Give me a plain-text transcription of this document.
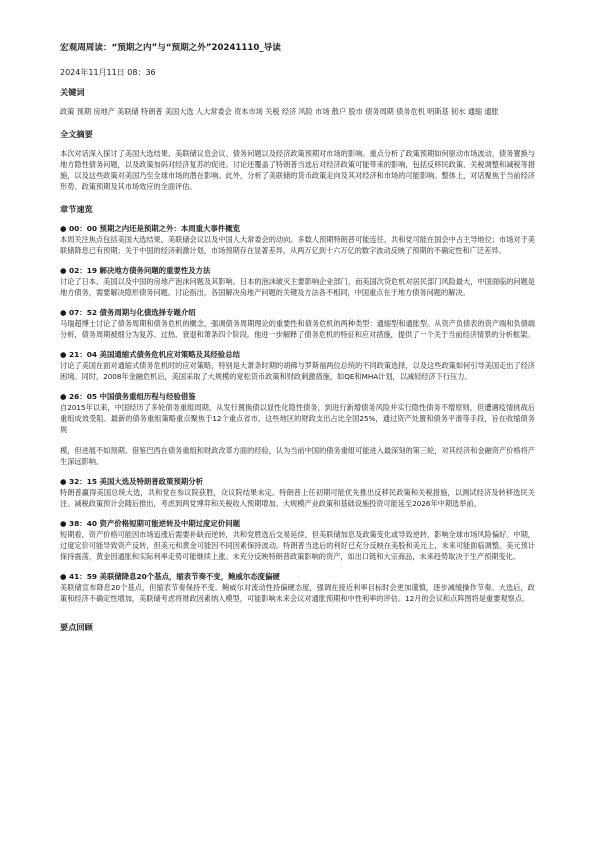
宏观周周读：“预期之内”与“预期之外”20241110_导读
2024年11月11日 08：36
关键词
政策 预期 房地产 美联储 特朗普 美国大选 人大常委会 资本市场 关税 经济 风险 市场 散户 股市 债务周期 债务危机 明斯基 韧水 通缩 通胀
全文摘要
本次对话深入探讨了美国大选结果、美联储议息会议、债务问题以及经济政策预期对市场的影响。重点分析了政策预期如何驱动市场波动，债务置换与地方隐性债务问题，以及政策加码对经济复苏的促进。讨论还覆盖了特朗普当选后对经济政策可能带来的影响，包括反移民政策、关税调整和减税等措施，以及这些政策对美国乃至全球市场的潜在影响。此外，分析了美联储的货币政策走向及其对经济和市场的可能影响。整体上，对话聚焦于当前经济形势、政策预期及其市场效应的全面评估。
章节速览
● 00：00 预期之内还是预期之外：本周重大事件概览
本周关注焦点包括美国大选结果、美联储会议以及中国人大常委会的动向。多数人预期特朗普可能连任，共和党可能在国会中占主导地位；市场对于美联储降息已有预期；关于中国的经济刺激计划，市场预期存在显著差异，从两万亿到十六万亿的数字波动反映了预期的不确定性和广泛差异。
● 02：19 解决地方债务问题的重要性及方法
讨论了日本、美国以及中国的房地产泡沫问题及其影响。日本的泡沫破灭主要影响企业部门，而美国次贷危机对居民部门风险最大，中国面临的问题是地方债务，需要解决隐形债务问题。讨论指出，各国解决房地产问题的关键及方法各不相同，中国重点在于地方债务问题的解决。
● 07：52 债务周期与化债选择专题介绍
马瑞超博士讨论了债务周期和债务危机的概念，强调债务周期理论的重要性和债务危机的两种类型：通缩型和通胀型。从资产负债表的资产端和负债端分析，债务周期被细分为复苏、过热、衰退和萧条四个阶段。他进一步解释了债务危机的特征和应对措施，提供了一个关于当前经济情景的分析框架。
● 21：04 美国通缩式债务危机应对策略及其经验总结
讨论了美国在面对通缩式债务危机时的应对策略，特别是大萧条时期的胡佛与罗斯福两位总统的不同政策选择，以及这些政策如何引导美国走出了经济困境。同时，2008年金融危机后，美国采取了大规模的宽松货币政策和财政刺激措施，如QE和MHA计划，以减轻经济下行压力。
● 26：05 中国债务重组历程与经验借鉴
自2015年以来，中国经历了多轮债务重组周期，从发行置换债以显性化隐性债务，到进行新增债务风险并实行隐性债务不增原则，但遭遇疫情挑战后重组成效受阻。最新的债务重组策略重点聚焦于12个重点省市，这些地区的财政支出占比全国25%，通过资产处置和债务平滑等手段，旨在收缩债务规
模，但进展不如预期。借鉴巴西在债务重组和财政改革方面的经验，认为当前中国的债务重组可能进入最深刻的第三轮，对其经济和金融资产价格将产生深远影响。
● 32：15 美国大选及特朗普政策预期分析
特朗普赢得美国总统大选，共和党在参议院获胜，众议院结果未定。特朗普上任初期可能优先推出反移民政策和关税措施，以测试经济及转移选民关注。减税政策预计会随后推出，考虑到两党博弈和关税收入预期增加。大规模产业政策和基础设施投资可能延至2026年中期选举前。
● 38：40 资产价格短期可能逆转及中期过度定价问题
短期看，资产价格可能因市场追涨后需要补缺而逆转，共和党胜选后交易延续，但美联储加息及政策变化或导致逆转，影响全球市场风险偏好。中期，过度定价可能导致资产反转，但美元和黄金可能因不同因素保持波动。特朗普当选后的利好已充分反映在美股和美元上，未来可能面临调整。美元预计保持震荡，黄金因通胀和实际利率走势可能继续上涨。未充分反映特朗普政策影响的资产，如出口链和大宗商品，未来趋势取决于生产预期变化。
● 41：59 美联储降息20个基点，缩表节奏不变，鲍威尔态度偏硬
美联储宣布降息20个基点，但缩表节奏保持不变。鲍威尔对流动性持偏硬态度，强调在接近利率目标时会更加谨慎，逐步减缓操作节奏。大选后，政策和经济不确定性增加，美联储考虑将财政因素纳入模型，可能影响未来会议对通胀预期和中性利率的评估。12月的会议和点阵图将是重要观察点。
要点回顾
